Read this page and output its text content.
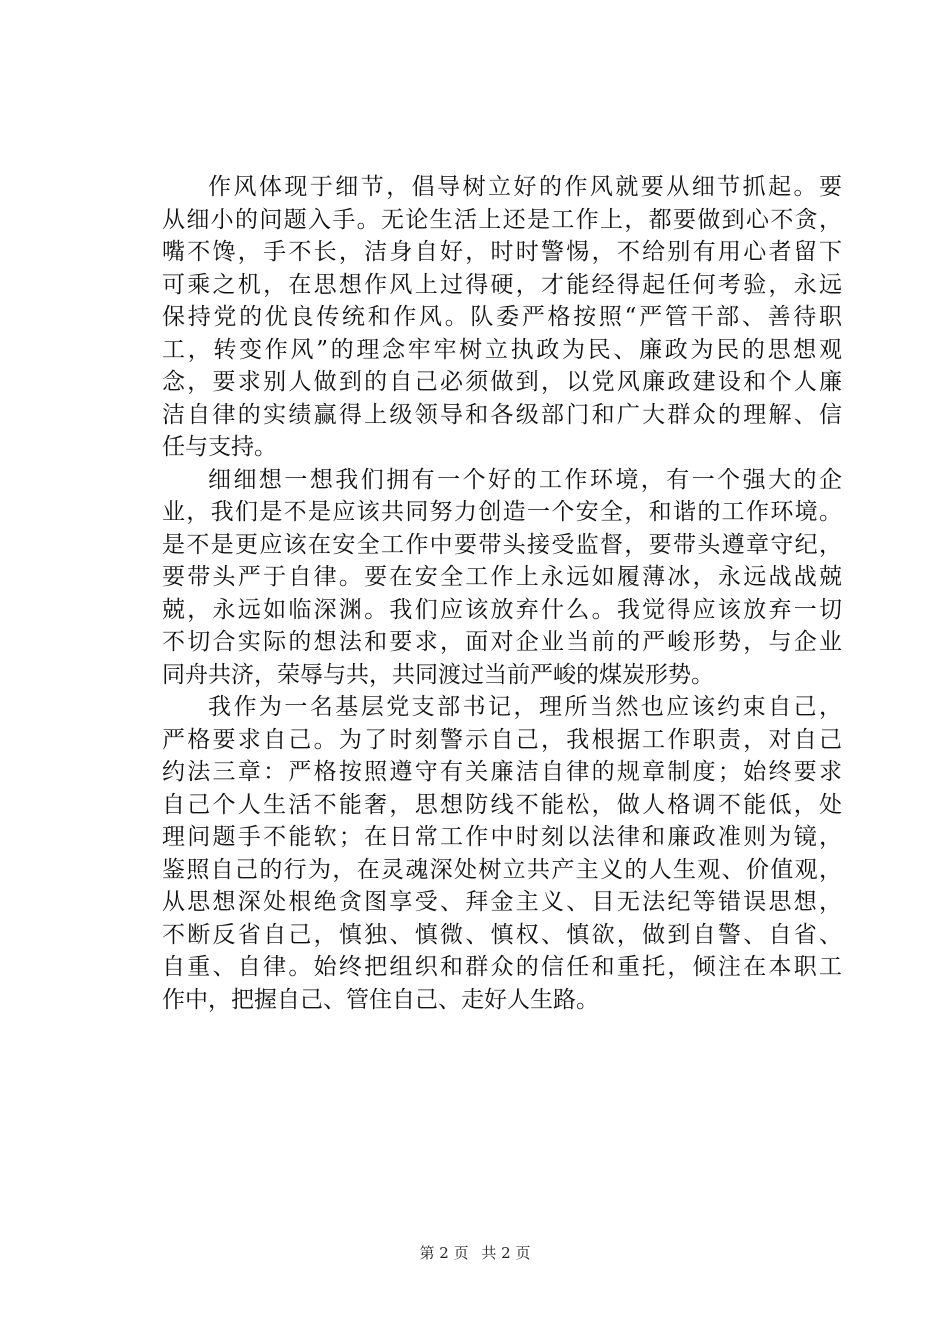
作风体现于细节，倡导树立好的作风就要从细节抓起。要
从细小的问题入手。无论生活上还是工作上，都要做到心不贪，
嘴不馋，手不长，洁身自好，时时警惕，不给别有用心者留下
可乘之机，在思想作风上过得硬，才能经得起任何考验，永远
保持党的优良传统和作风。队委严格按照“严管干部、善待职
工，转变作风”的理念牢牢树立执政为民、廉政为民的思想观
念，要求别人做到的自己必须做到，以党风廉政建设和个人廉
洁自律的实绩赢得上级领导和各级部门和广大群众的理解、信
任与支持。
细细想一想我们拥有一个好的工作环境，有一个强大的企
业，我们是不是应该共同努力创造一个安全，和谐的工作环境。
是不是更应该在安全工作中要带头接受监督，要带头遵章守纪，
要带头严于自律。要在安全工作上永远如履薄冰，永远战战兢
兢，永远如临深渊。我们应该放弃什么。我觉得应该放弃一切
不切合实际的想法和要求，面对企业当前的严峻形势，与企业
同舟共济，荣辱与共，共同渡过当前严峻的煤炭形势。
我作为一名基层党支部书记，理所当然也应该约束自己，
严格要求自己。为了时刻警示自己，我根据工作职责，对自己
约法三章：严格按照遵守有关廉洁自律的规章制度；始终要求
自己个人生活不能奢，思想防线不能松，做人格调不能低，处
理问题手不能软；在日常工作中时刻以法律和廉政准则为镜，
鉴照自己的行为，在灵魂深处树立共产主义的人生观、价值观，
从思想深处根绝贪图享受、拜金主义、目无法纪等错误思想，
不断反省自己，慎独、慎微、慎权、慎欲，做到自警、自省、
自重、自律。始终把组织和群众的信任和重托，倾注在本职工
作中，把握自己、管住自己、走好人生路。
第 2 页 共 2 页
